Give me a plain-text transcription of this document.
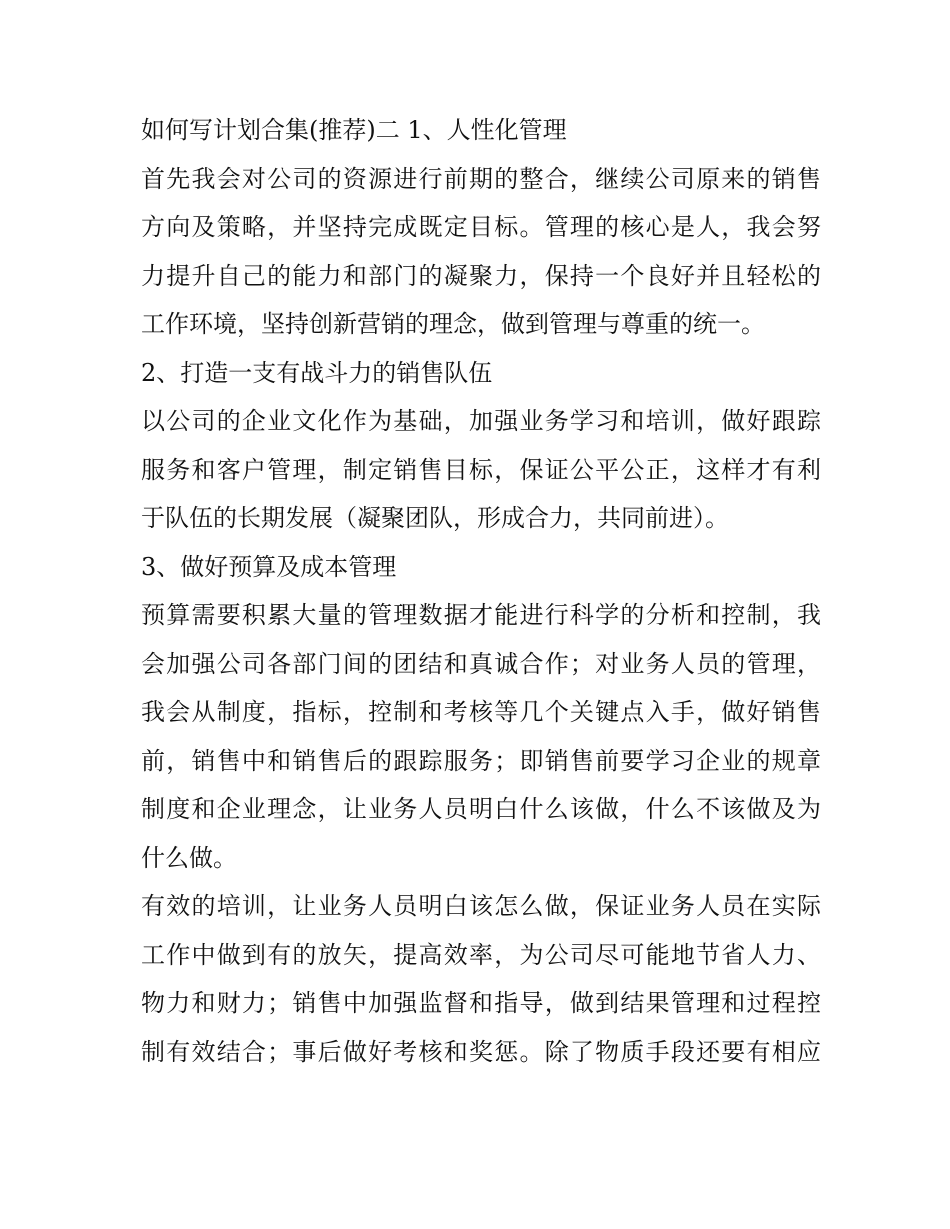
如何写计划合集(推荐)二 1、人性化管理

首先我会对公司的资源进行前期的整合，继续公司原来的销售

方向及策略，并坚持完成既定目标。管理的核心是人，我会努

力提升自己的能力和部门的凝聚力，保持一个良好并且轻松的

工作环境，坚持创新营销的理念，做到管理与尊重的统一。

2、打造一支有战斗力的销售队伍

以公司的企业文化作为基础，加强业务学习和培训，做好跟踪

服务和客户管理，制定销售目标，保证公平公正，这样才有利

于队伍的长期发展（凝聚团队，形成合力，共同前进）。

3、做好预算及成本管理

预算需要积累大量的管理数据才能进行科学的分析和控制，我

会加强公司各部门间的团结和真诚合作；对业务人员的管理，

我会从制度，指标，控制和考核等几个关键点入手，做好销售

前，销售中和销售后的跟踪服务；即销售前要学习企业的规章

制度和企业理念，让业务人员明白什么该做，什么不该做及为

什么做。

有效的培训，让业务人员明白该怎么做，保证业务人员在实际

工作中做到有的放矢，提高效率，为公司尽可能地节省人力、

物力和财力；销售中加强监督和指导，做到结果管理和过程控

制有效结合；事后做好考核和奖惩。除了物质手段还要有相应
